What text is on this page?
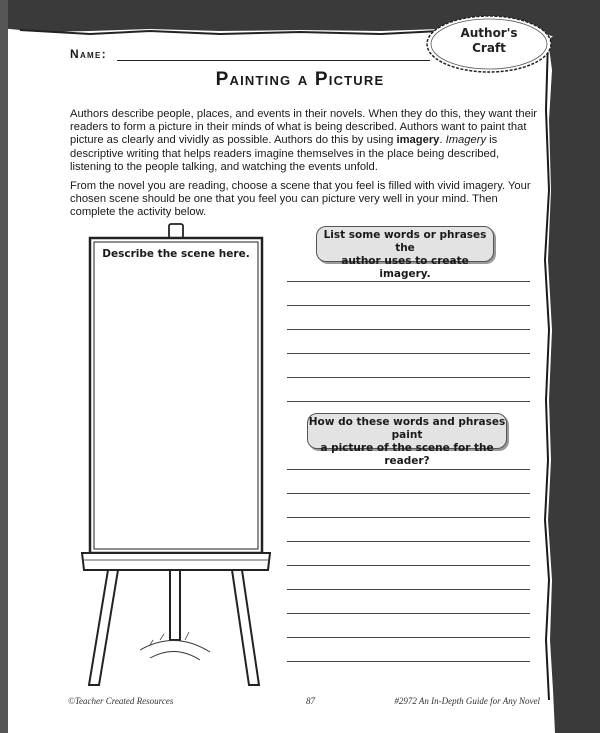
Author's
Craft
Name:
Painting a Picture
Authors describe people, places, and events in their novels. When they do this, they want their readers to form a picture in their minds of what is being described. Authors want to paint that picture as clearly and vividly as possible. Authors do this by using imagery. Imagery is descriptive writing that helps readers imagine themselves in the place being described, listening to the people talking, and watching the events unfold.
From the novel you are reading, choose a scene that you feel is filled with vivid imagery. Your chosen scene should be one that you feel you can picture very well in your mind. Then complete the activity below.
Describe the scene here.
List some words or phrases the
author uses to create imagery.
How do these words and phrases paint
a picture of the scene for the reader?
©Teacher Created Resources	87	#2972 An In-Depth Guide for Any Novel
